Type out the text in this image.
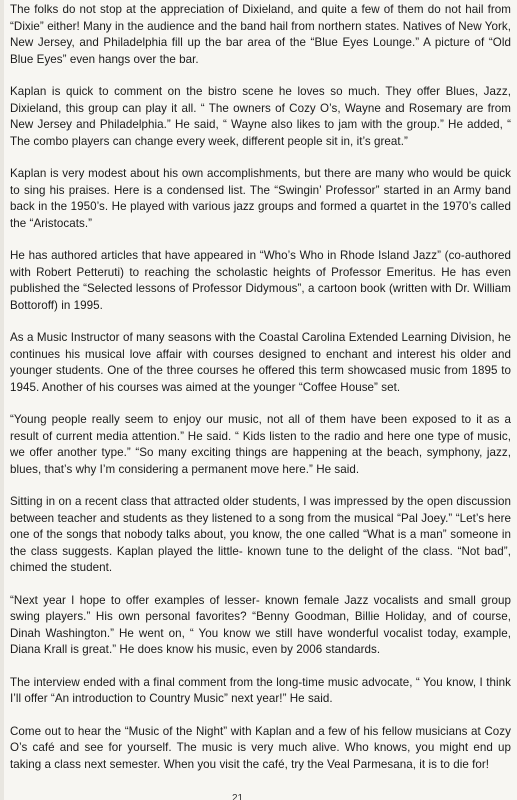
The folks do not stop at the appreciation of Dixieland, and quite a few of them do not hail from “Dixie” either! Many in the audience and the band hail from northern states. Natives of New York, New Jersey, and Philadelphia fill up the bar area of the “Blue Eyes Lounge.” A picture of “Old Blue Eyes” even hangs over the bar.

Kaplan is quick to comment on the bistro scene he loves so much. They offer Blues, Jazz, Dixieland, this group can play it all. “ The owners of Cozy O’s, Wayne and Rosemary are from New Jersey and Philadelphia.” He said, “ Wayne also likes to jam with the group.” He added, “ The combo players can change every week, different people sit in, it’s great.”

Kaplan is very modest about his own accomplishments, but there are many who would be quick to sing his praises. Here is a condensed list. The “Swingin’ Professor” started in an Army band back in the 1950’s. He played with various jazz groups and formed a quartet in the 1970’s called the “Aristocats.”

He has authored articles that have appeared in “Who’s Who in Rhode Island Jazz” (co-authored with Robert Petteruti) to reaching the scholastic heights of Professor Emeritus. He has even published the “Selected lessons of Professor Didymous”, a cartoon book (written with Dr. William Bottoroff) in 1995.

As a Music Instructor of many seasons with the Coastal Carolina Extended Learning Division, he continues his musical love affair with courses designed to enchant and interest his older and younger students. One of the three courses he offered this term showcased music from 1895 to 1945. Another of his courses was aimed at the younger “Coffee House” set.

“Young people really seem to enjoy our music, not all of them have been exposed to it as a result of current media attention.” He said. “ Kids listen to the radio and here one type of music, we offer another type.” “So many exciting things are happening at the beach, symphony, jazz, blues, that’s why I’m considering a permanent move here.” He said.

Sitting in on a recent class that attracted older students, I was impressed by the open discussion between teacher and students as they listened to a song from the musical “Pal Joey.” “Let’s here one of the songs that nobody talks about, you know, the one called “What is a man” someone in the class suggests. Kaplan played the little- known tune to the delight of the class. “Not bad”, chimed the student.

“Next year I hope to offer examples of lesser- known female Jazz vocalists and small group swing players.” His own personal favorites? “Benny Goodman, Billie Holiday, and of course, Dinah Washington.” He went on, “ You know we still have wonderful vocalist today, example, Diana Krall is great.” He does know his music, even by 2006 standards.

The interview ended with a final comment from the long-time music advocate, “ You know, I think I’ll offer “An introduction to Country Music” next year!” He said.

Come out to hear the “Music of the Night” with Kaplan and a few of his fellow musicians at Cozy O’s café and see for yourself. The music is very much alive. Who knows, you might end up taking a class next semester. When you visit the café, try the Veal Parmesana, it is to die for!

21
